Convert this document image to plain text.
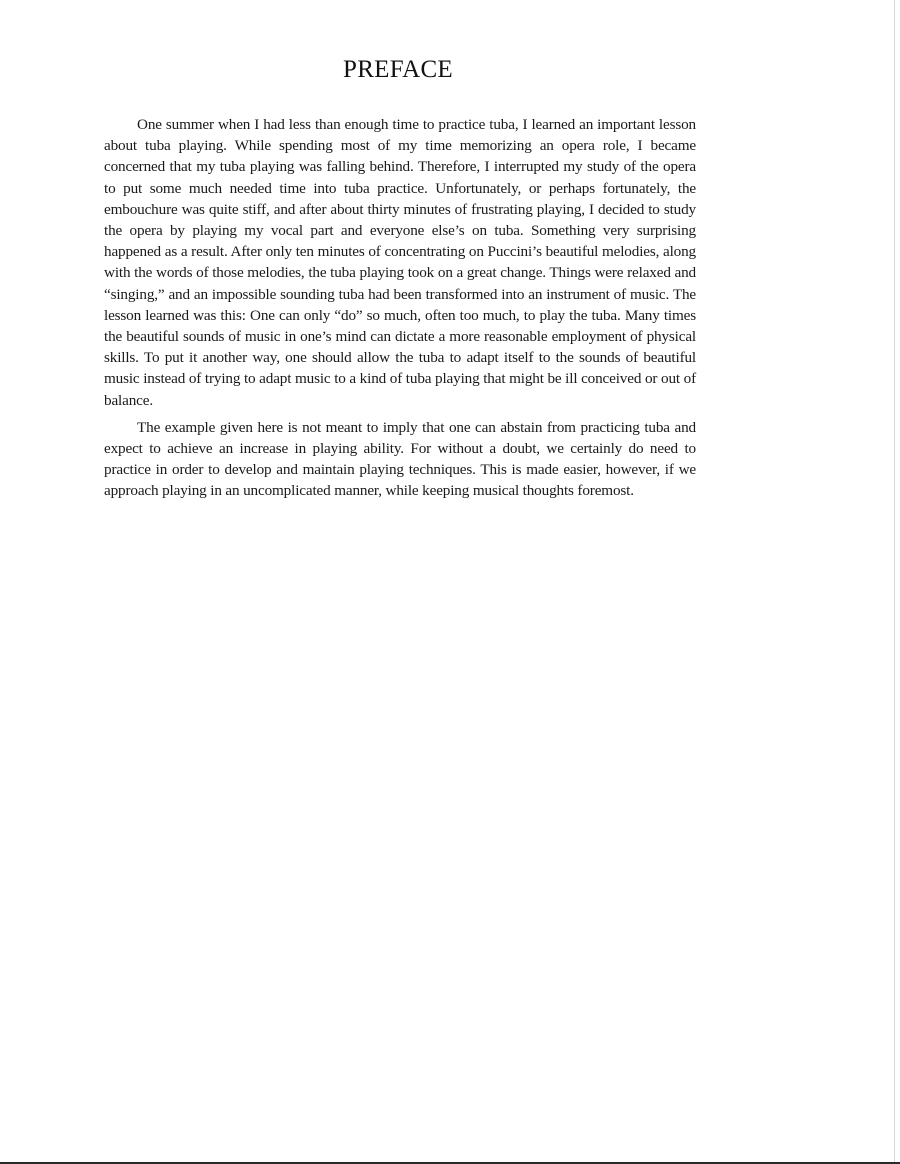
PREFACE

One summer when I had less than enough time to practice tuba, I learned an important lesson about tuba playing. While spending most of my time memorizing an opera role, I became concerned that my tuba playing was falling behind. Therefore, I interrupted my study of the opera to put some much needed time into tuba practice. Unfortunately, or perhaps fortunately, the embouchure was quite stiff, and after about thirty minutes of frustrating playing, I decided to study the opera by playing my vocal part and everyone else’s on tuba. Something very surprising happened as a result. After only ten minutes of concentrating on Puccini’s beautiful melodies, along with the words of those melodies, the tuba playing took on a great change. Things were relaxed and “singing,” and an impossible sounding tuba had been transformed into an instrument of music. The lesson learned was this: One can only “do” so much, often too much, to play the tuba. Many times the beautiful sounds of music in one’s mind can dictate a more reasonable employment of physical skills. To put it another way, one should allow the tuba to adapt itself to the sounds of beautiful music instead of trying to adapt music to a kind of tuba playing that might be ill conceived or out of balance.

The example given here is not meant to imply that one can abstain from practicing tuba and expect to achieve an increase in playing ability. For without a doubt, we certainly do need to practice in order to develop and maintain playing techniques. This is made easier, however, if we approach playing in an uncomplicated manner, while keeping musical thoughts foremost.
